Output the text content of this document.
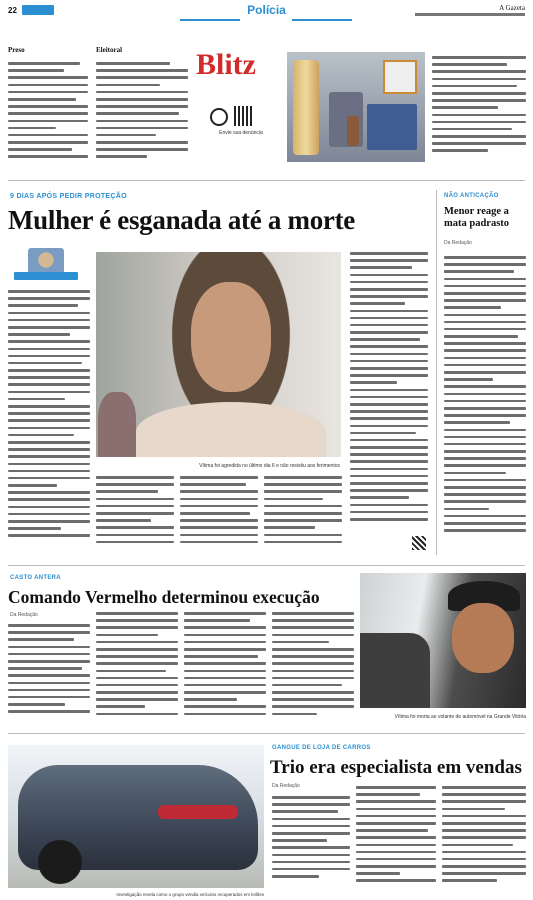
22	Polícia	A Gazeta
Preso	Eleitoral	Blitz
Envie sua denúncia
9 DIAS APÓS PEDIR PROTEÇÃO
Mulher é esganada até a morte
Vítima foi agredida no último dia 6 e não resistiu aos ferimentos
NÃO ANTICAÇÃO
Menor reage a mata padrasto
Da Redação
CASTO ANTERA
Comando Vermelho determinou execução
Da Redação
Vítima foi morta ao volante de automóvel na Grande Vitória
Investigação revela como o grupo vendia veículos recuperados em leilões
GANGUE DE LOJA DE CARROS
Trio era especialista em vendas
Da Redação
